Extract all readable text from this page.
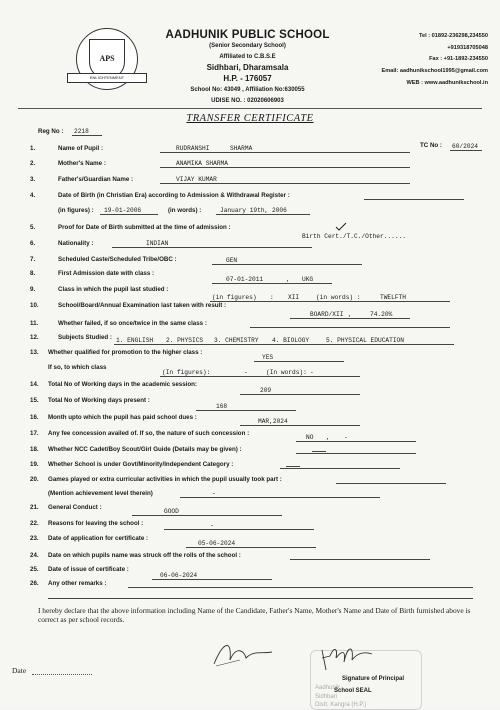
APS
ENLIGHTENMENT
AADHUNIK PUBLIC SCHOOL
(Senior Secondary School)
Affiliated to C.B.S.E
Sidhbari, Dharamsala
H.P. - 176057
School No: 43049 , Affiliation No:630055
UDISE NO. : 02020606903
Tel : 01892-236298,234550
+919318705048
Fax : +91-1892-234550
Email: aadhunikschool1995@gmail.com
WEB : www.aadhunikschool.in
TRANSFER CERTIFICATE
Reg No : 2218
TC No : 60/2024
1.	Name of Pupil :	RUDRANSHI	SHARMA
2.	Mother's Name :	ANAMIKA SHARMA
3.	Father's/Guardian Name :	VIJAY KUMAR
4.	Date of Birth (in Christian Era) according to Admission & Withdrawal Register :
(in figures) : 19-01-2006	(in words) :	January 19th, 2006
5.	Proof for Date of Birth submitted at the time of admission :
Birth Cert./T.C./Other......
6.	Nationality :	INDIAN
7.	Scheduled Caste/Scheduled Tribe/OBC :	GEN
8.	First Admission date with class :
07-01-2011	, UKG
9.	Class in which the pupil last studied :
(in figures) : XII	(in words) :	TWELFTH
10.	School/Board/Annual Examination last taken with result :
BOARD/XII ,	74.20%
11.	Whether failed, if so once/twice in the same class :
12.	Subjects Studied : 1. ENGLISH 2. PHYSICS 3. CHEMISTRY 4. BIOLOGY	5. PHYSICAL EDUCATION
13. Whether qualified for promotion to the higher class :
YES
If so, to which class
(In figures):	-	(In words): -
14. Total No of Working days in the academic session:
209
15. Total No of Working days present :
168
16. Month upto which the pupil has paid school dues :
MAR,2024
17. Any fee concession availed of. If so, the nature of such concession :
NO , -
18. Whether NCC Cadet/Boy Scout/Girl Guide (Details may be given) :
19. Whether School is under Govt/Minority/Independent Category :
20. Games played or extra curricular activities in which the pupil usually took part :
(Mention achievement level therein)	-
21. General Conduct :
GOOD
22. Reasons for leaving the school :	-
23. Date of application for certificate :
05-06-2024
24. Date on which pupils name was struck off the rolls of the school :
25. Date of issue of certificate :
06-06-2024
26. Any other remarks :
I hereby declare that the above information including Name of the Candidate, Father's Name, Mother's Name and Date of Birth furnished above is correct as per school records.
Date
Aadhunik
Sidhbari
Distt. Kangra (H.P.)
Signature of Principal
School SEAL
